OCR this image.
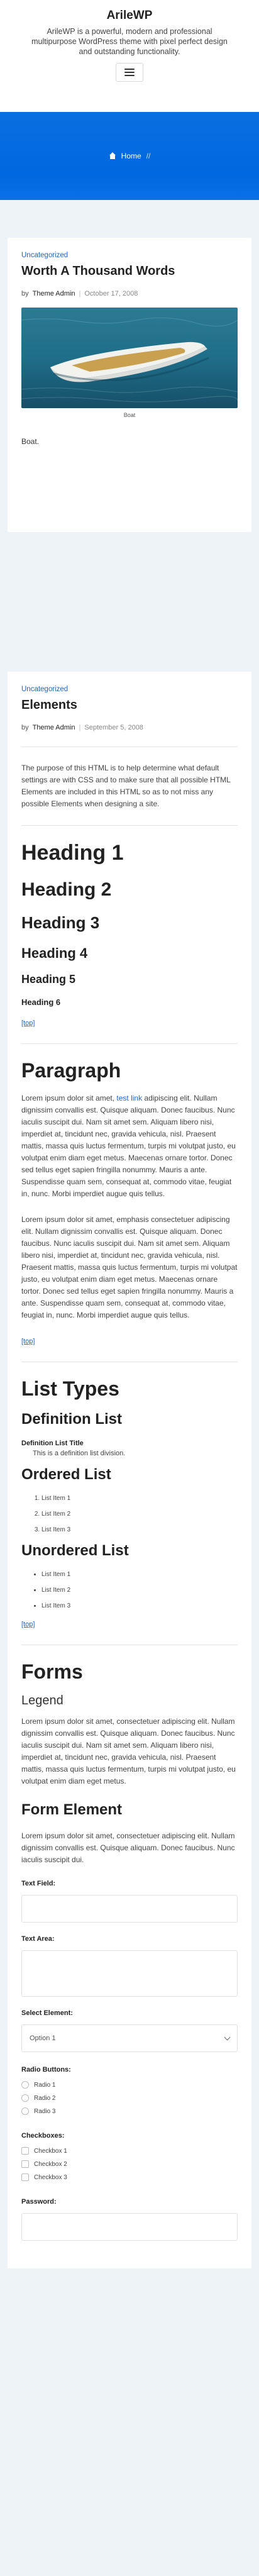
ArileWP
ArileWP is a powerful, modern and professional multipurpose WordPress theme with pixel perfect design and outstanding functionality.
Home //
Uncategorized
Worth A Thousand Words
by Theme Admin | October 17, 2008
Boat
Boat.
Uncategorized
Elements
by Theme Admin | September 5, 2008

The purpose of this HTML is to help determine what default settings are with CSS and to make sure that all possible HTML Elements are included in this HTML so as to not miss any possible Elements when designing a site.

Heading 1
Heading 2
Heading 3
Heading 4
Heading 5
Heading 6
[top]
Paragraph

Lorem ipsum dolor sit amet, test link adipiscing elit. Nullam dignissim convallis est. Quisque aliquam. Donec faucibus. Nunc iaculis suscipit dui. Nam sit amet sem. Aliquam libero nisi, imperdiet at, tincidunt nec, gravida vehicula, nisl. Praesent mattis, massa quis luctus fermentum, turpis mi volutpat justo, eu volutpat enim diam eget metus. Maecenas ornare tortor. Donec sed tellus eget sapien fringilla nonummy. Mauris a ante. Suspendisse quam sem, consequat at, commodo vitae, feugiat in, nunc. Morbi imperdiet augue quis tellus.

Lorem ipsum dolor sit amet, emphasis consectetuer adipiscing elit. Nullam dignissim convallis est. Quisque aliquam. Donec faucibus. Nunc iaculis suscipit dui. Nam sit amet sem. Aliquam libero nisi, imperdiet at, tincidunt nec, gravida vehicula, nisl. Praesent mattis, massa quis luctus fermentum, turpis mi volutpat justo, eu volutpat enim diam eget metus. Maecenas ornare tortor. Donec sed tellus eget sapien fringilla nonummy. Mauris a ante. Suspendisse quam sem, consequat at, commodo vitae, feugiat in, nunc. Morbi imperdiet augue quis tellus.

[top]
List Types
Definition List
Definition List Title
This is a definition list division.
Ordered List
1. List Item 1
2. List Item 2
3. List Item 3
Unordered List
• List Item 1
• List Item 2
• List Item 3
[top]
Forms
Legend

Lorem ipsum dolor sit amet, consectetuer adipiscing elit. Nullam dignissim convallis est. Quisque aliquam. Donec faucibus. Nunc iaculis suscipit dui. Nam sit amet sem. Aliquam libero nisi, imperdiet at, tincidunt nec, gravida vehicula, nisl. Praesent mattis, massa quis luctus fermentum, turpis mi volutpat justo, eu volutpat enim diam eget metus.

Form Element

Lorem ipsum dolor sit amet, consectetuer adipiscing elit. Nullam dignissim convallis est. Quisque aliquam. Donec faucibus. Nunc iaculis suscipit dui.

Text Field:
Text Area:
Select Element:
Option 1
Radio Buttons:
Radio 1
Radio 2
Radio 3
Checkboxes:
Checkbox 1
Checkbox 2
Checkbox 3
Password:
